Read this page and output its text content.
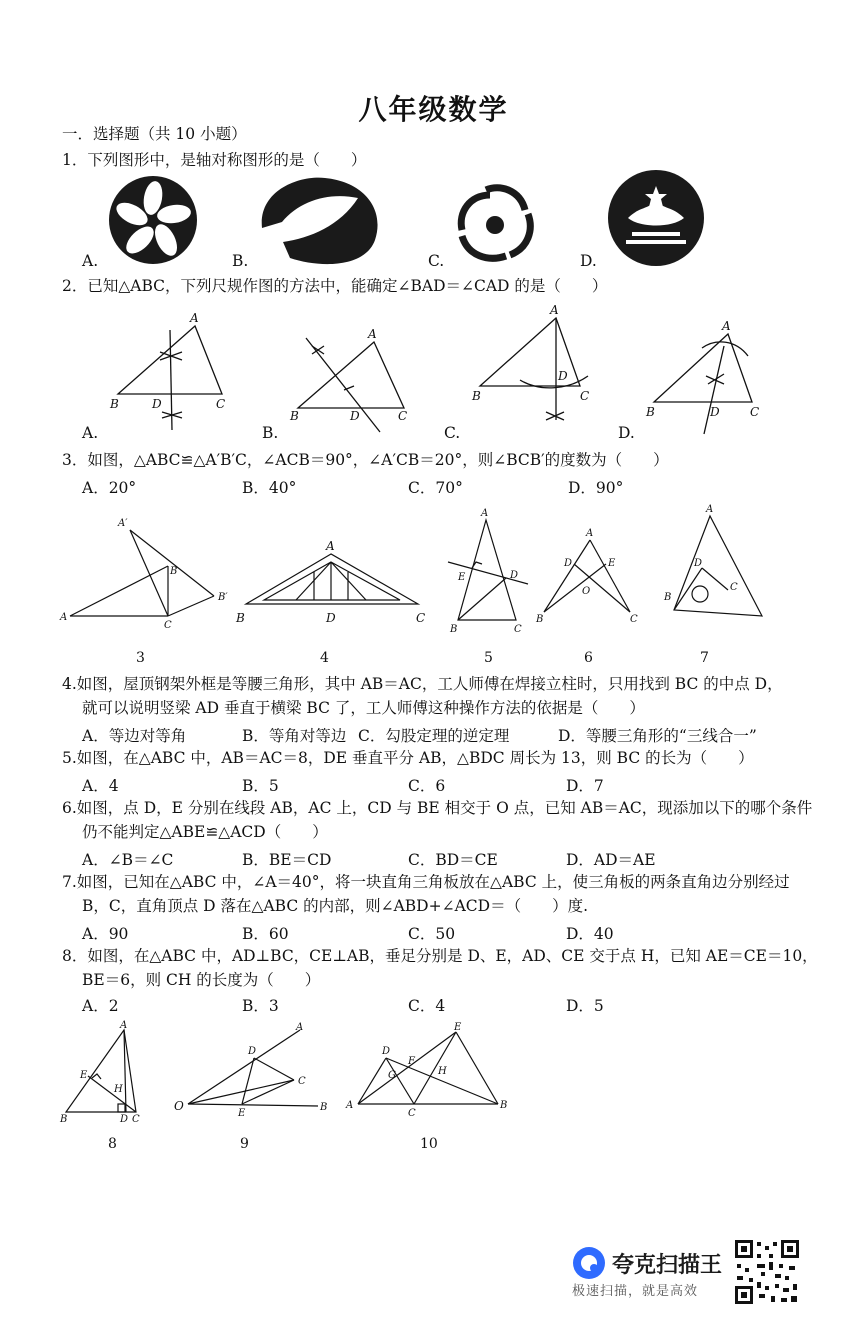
八年级数学
一．选择题（共 10 小题）
1．下列图形中，是轴对称图形的是（　　）
A.	B.	C.	D.
2．已知△ABC，下列尺规作图的方法中，能确定∠BAD＝∠CAD 的是（　　）
A
B	D	C
A
B	D	C
A
B
D
C
A
B	D	C
A.	B.	C.	D.
3．如图，△ABC≌△A′B′C，∠ACB＝90°，∠A′CB＝20°，则∠BCB′的度数为（　　）
A．20°	B．40°	C．70°	D．90°
A′
B
B′
A
C
A
B	D	C
A
E	D
B	C
A
D	E
O
B	C
A
D
C
B
3	4	5	6	7
4.如图，屋顶钢架外框是等腰三角形，其中 AB＝AC，工人师傅在焊接立柱时，只用找到 BC 的中点 D，
就可以说明竖梁 AD 垂直于横梁 BC 了，工人师傅这种操作方法的依据是（　　）
A．等边对等角	B．等角对等边 C．勾股定理的逆定理	D．等腰三角形的“三线合一”
5.如图，在△ABC 中，AB＝AC＝8，DE 垂直平分 AB，△BDC 周长为 13，则 BC 的长为（　　）
A．4	B．5	C．6	D．7
6.如图，点 D，E 分别在线段 AB，AC 上，CD 与 BE 相交于 O 点，已知 AB＝AC，现添加以下的哪个条件
仍不能判定△ABE≌△ACD（　　）
A．∠B＝∠C	B．BE＝CD	C．BD＝CE	D．AD＝AE
7.如图，已知在△ABC 中，∠A＝40°，将一块直角三角板放在△ABC 上，使三角板的两条直角边分别经过
B，C，直角顶点 D 落在△ABC 的内部，则∠ABD+∠ACD＝（　　）度.
A．90	B．60	C．50	D．40
8．如图，在△ABC 中，AD⊥BC，CE⊥AB，垂足分别是 D、E，AD、CE 交于点 H，已知 AE＝CE＝10，
BE＝6，则 CH 的长度为（　　）
A．2	B．3	C．4	D．5
A
E
H
B	D C
A
D
C
O
E
B
D
E
F
G	H
A
C
B
8	9	10
夸克扫描王
极速扫描，就是高效
